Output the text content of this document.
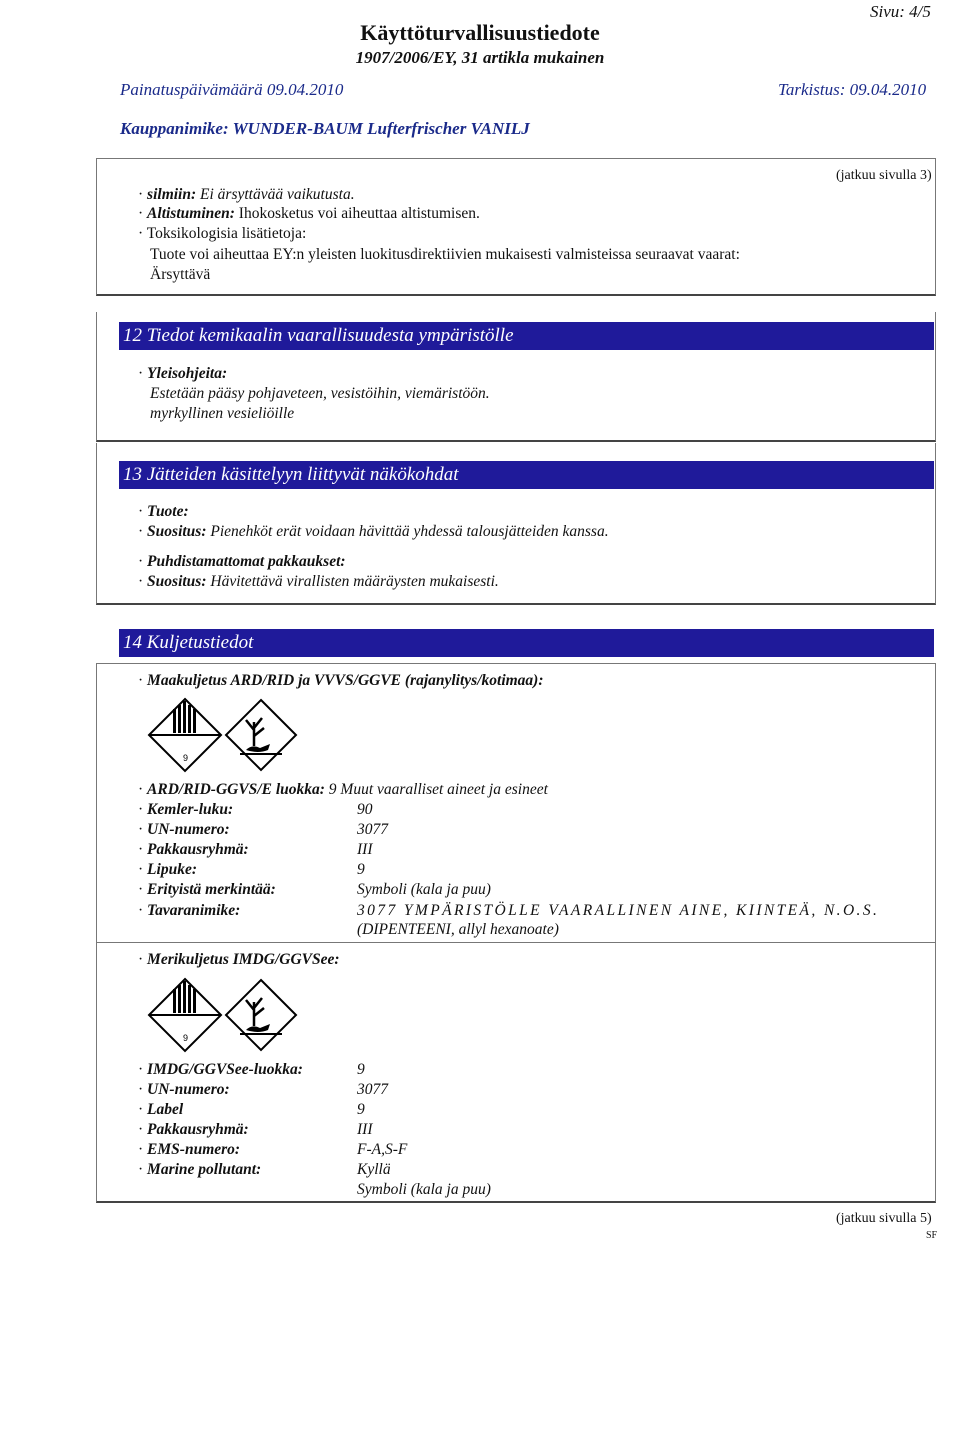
Sivu: 4/5
Käyttöturvallisuustiedote
1907/2006/EY, 31 artikla mukainen
Painatuspäivämäärä 09.04.2010	Tarkistus: 09.04.2010
Kauppanimike: WUNDER-BAUM Lufterfrischer VANILJ
(jatkuu sivulla 3)
· silmiin: Ei ärsyttävää vaikutusta.
· Altistuminen: Ihokosketus voi aiheuttaa altistumisen.
· Toksikologisia lisätietoja:
Tuote voi aiheuttaa EY:n yleisten luokitusdirektiivien mukaisesti valmisteissa seuraavat vaarat:
Ärsyttävä
12 Tiedot kemikaalin vaarallisuudesta ympäristölle
· Yleisohjeita:
Estetään pääsy pohjaveteen, vesistöihin, viemäristöön.
myrkyllinen vesieliöille
13 Jätteiden käsittelyyn liittyvät näkökohdat
· Tuote:
· Suositus: Pienehköt erät voidaan hävittää yhdessä talousjätteiden kanssa.
· Puhdistamattomat pakkaukset:
· Suositus: Hävitettävä virallisten määräysten mukaisesti.
14 Kuljetustiedot
· Maakuljetus ARD/RID ja VVVS/GGVE (rajanylitys/kotimaa):
9
· ARD/RID-GGVS/E luokka: 9 Muut vaaralliset aineet ja esineet
· Kemler-luku:	90
· UN-numero:	3077
· Pakkausryhmä:	III
· Lipuke:	9
· Erityistä merkintää:	Symboli (kala ja puu)
· Tavaranimike:	3077 YMPÄRISTÖLLE VAARALLINEN AINE, KIINTEÄ, N.O.S.
(DIPENTEENI, allyl hexanoate)
· Merikuljetus IMDG/GGVSee:
9
· IMDG/GGVSee-luokka:	9
· UN-numero:	3077
· Label	9
· Pakkausryhmä:	III
· EMS-numero:	F-A,S-F
· Marine pollutant:	Kyllä
Symboli (kala ja puu)
(jatkuu sivulla 5)
SF
